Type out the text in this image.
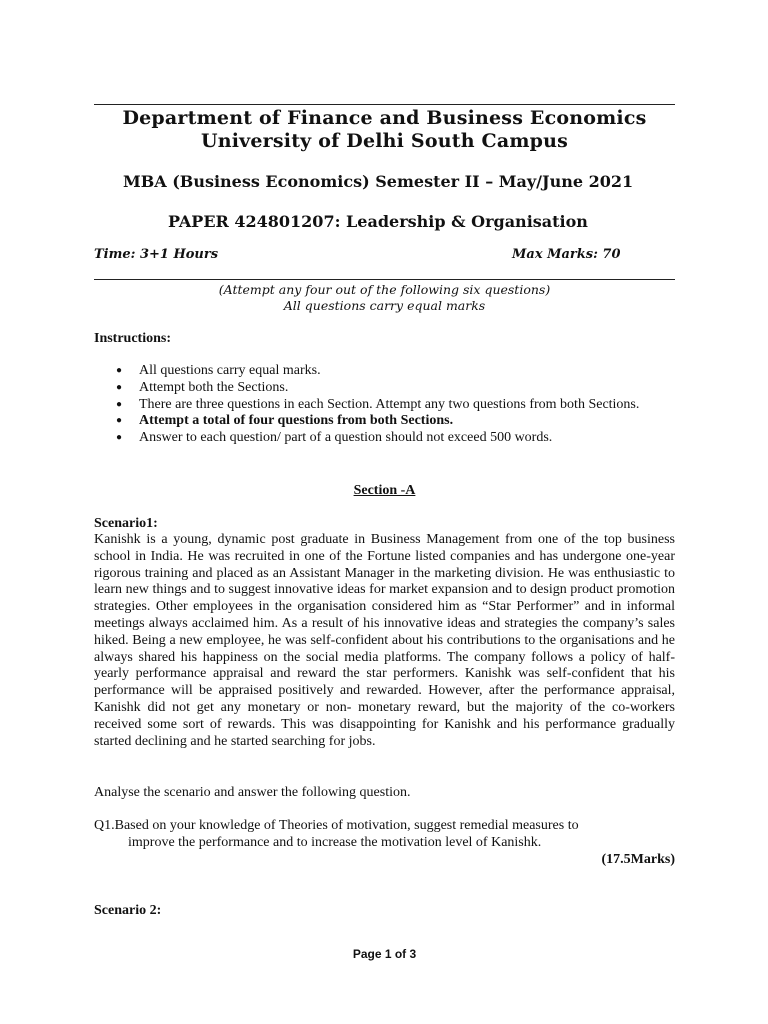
Department of Finance and Business Economics
University of Delhi South Campus
MBA (Business Economics) Semester II – May/June 2021
PAPER 424801207: Leadership & Organisation
Time: 3+1 Hours	Max Marks: 70
(Attempt any four out of the following six questions)
All questions carry equal marks
Instructions:
● All questions carry equal marks.
● Attempt both the Sections.
● There are three questions in each Section. Attempt any two questions from both Sections.
● Attempt a total of four questions from both Sections.
● Answer to each question/ part of a question should not exceed 500 words.
Section -A
Scenario1:
Kanishk is a young, dynamic post graduate in Business Management from one of the top business school in India. He was recruited in one of the Fortune listed companies and has undergone one-year rigorous training and placed as an Assistant Manager in the marketing division. He was enthusiastic to learn new things and to suggest innovative ideas for market expansion and to design product promotion strategies. Other employees in the organisation considered him as “Star Performer” and in informal meetings always acclaimed him. As a result of his innovative ideas and strategies the company’s sales hiked. Being a new employee, he was self-confident about his contributions to the organisations and he always shared his happiness on the social media platforms. The company follows a policy of half-yearly performance appraisal and reward the star performers. Kanishk was self-confident that his performance will be appraised positively and rewarded. However, after the performance appraisal, Kanishk did not get any monetary or non- monetary reward, but the majority of the co-workers received some sort of rewards. This was disappointing for Kanishk and his performance gradually started declining and he started searching for jobs.
Analyse the scenario and answer the following question.
Q1.Based on your knowledge of Theories of motivation, suggest remedial measures to
improve the performance and to increase the motivation level of Kanishk.
(17.5Marks)
Scenario 2:
Page 1 of 3
